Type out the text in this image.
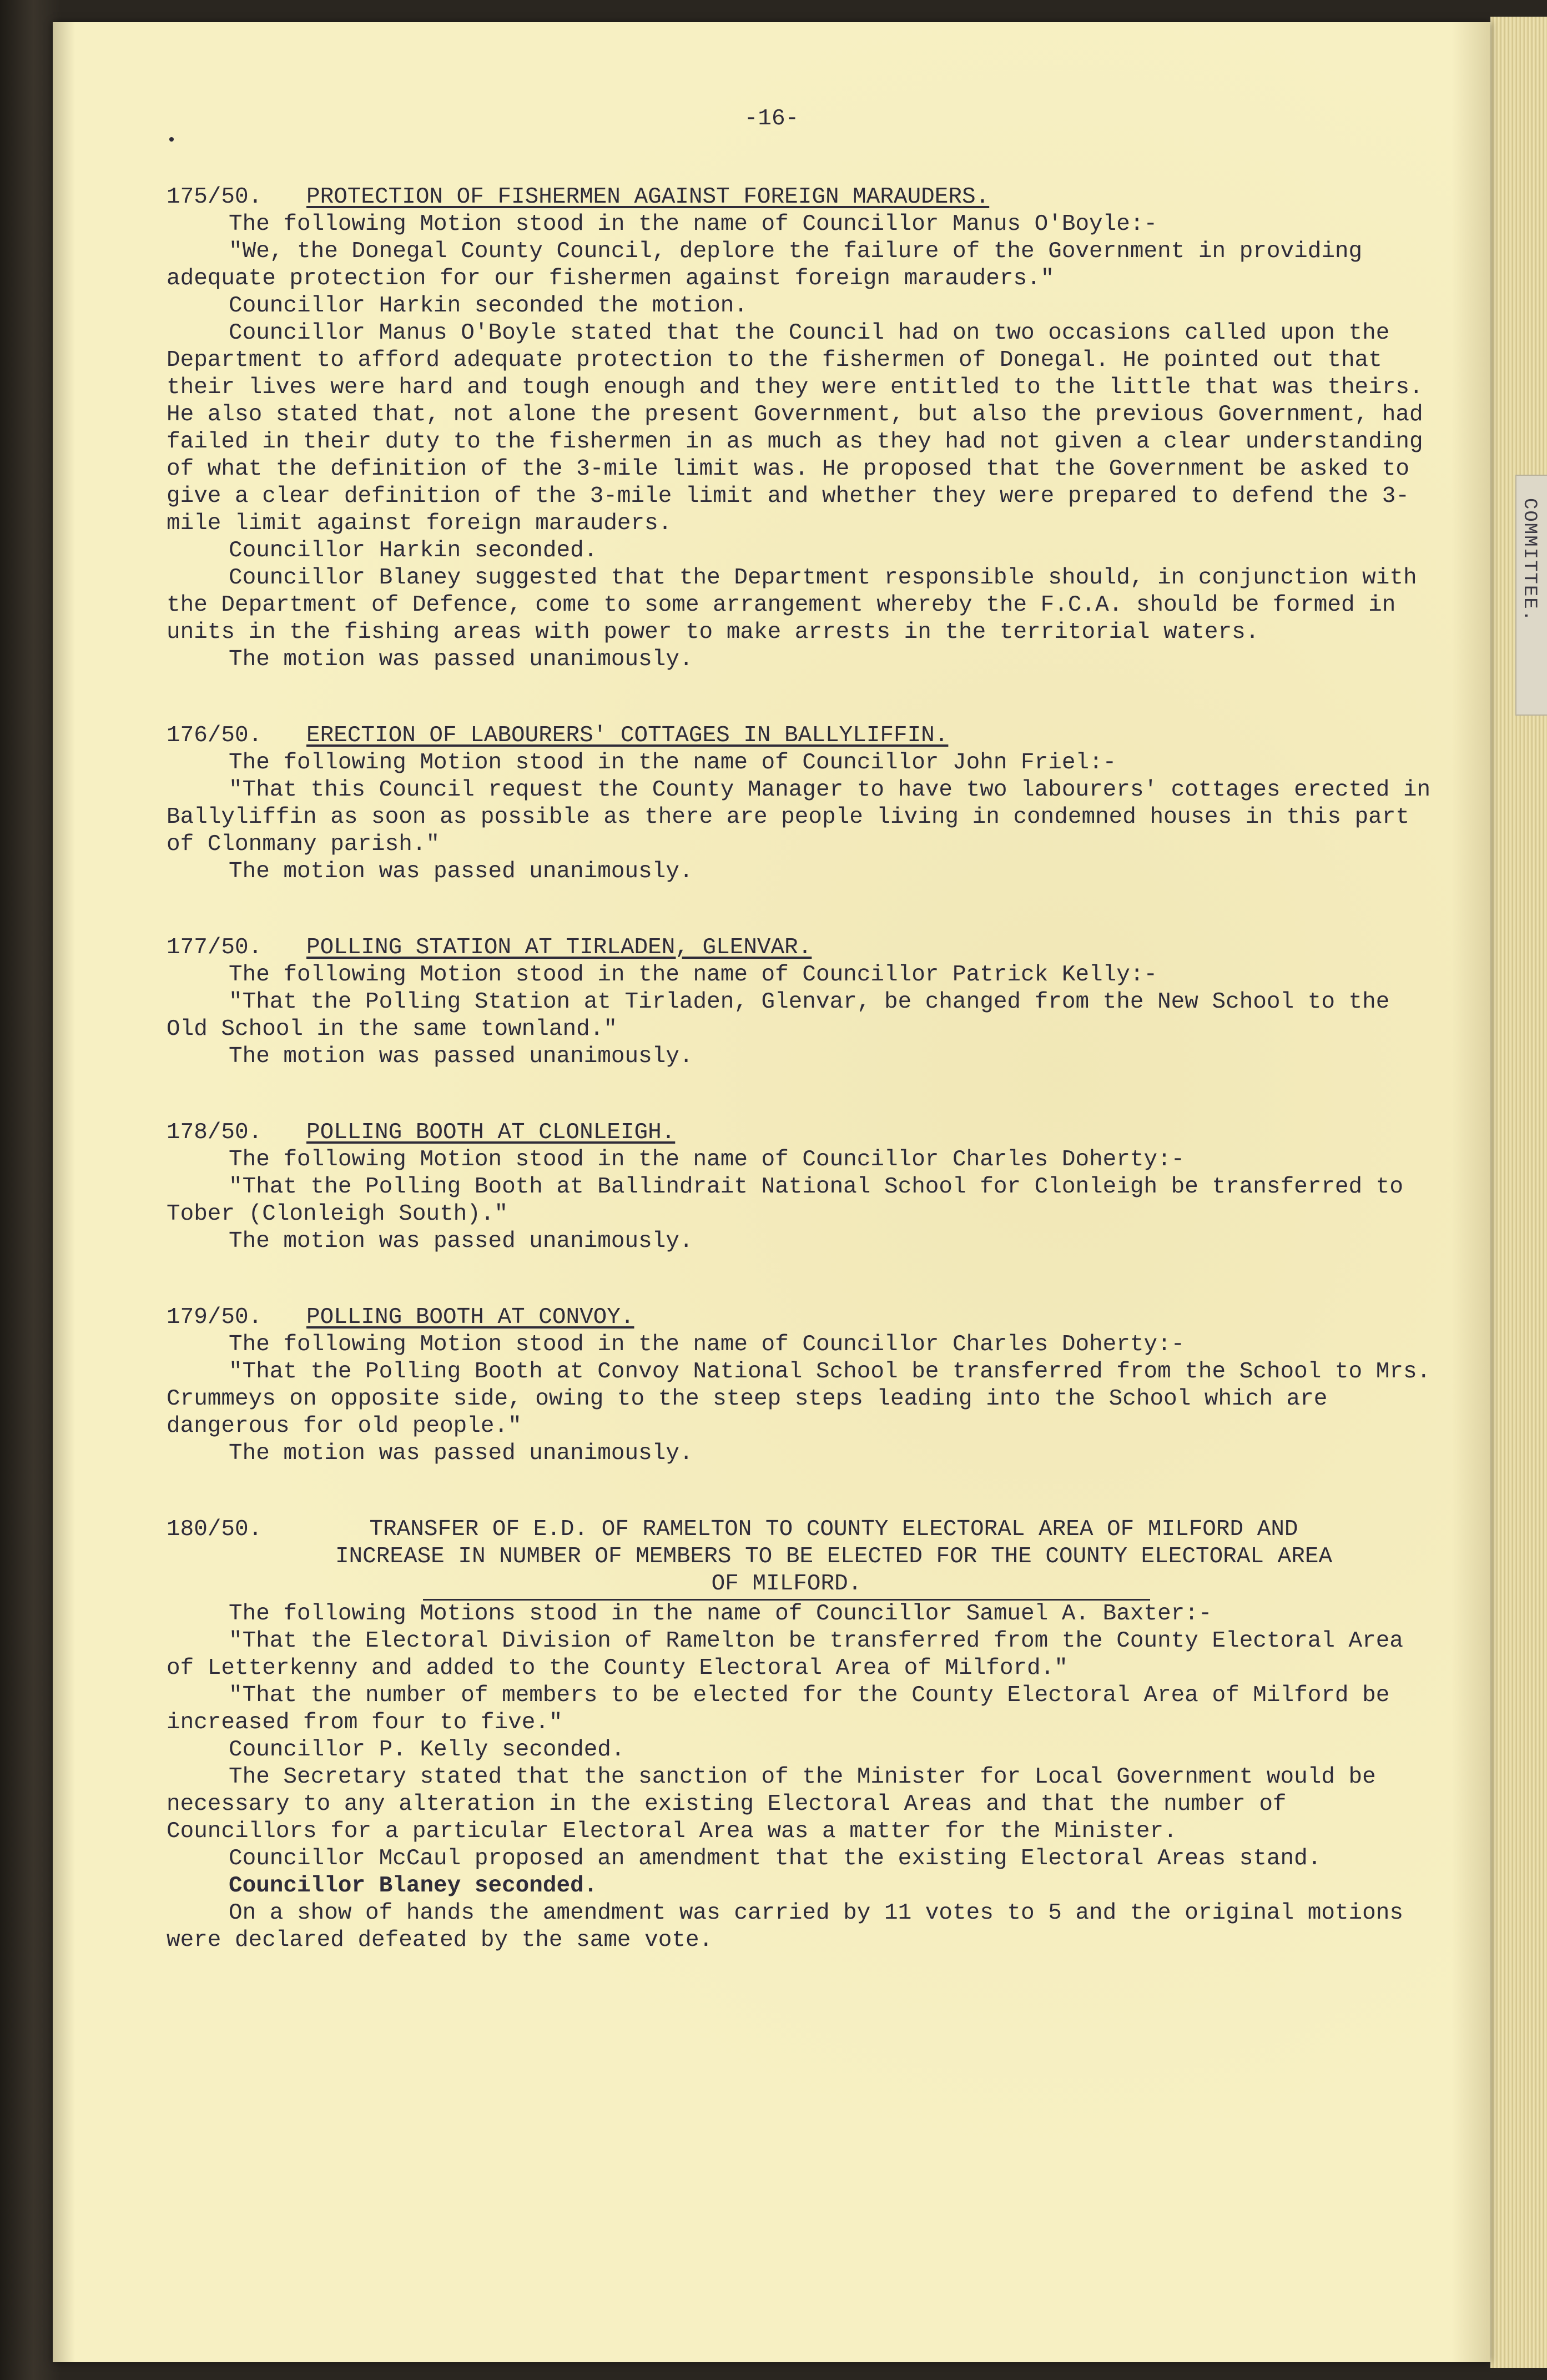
COMMITTEE.
•
-16-
175/50.	PROTECTION OF FISHERMEN AGAINST FOREIGN MARAUDERS.

The following Motion stood in the name of Councillor Manus O'Boyle:-

"We, the Donegal County Council, deplore the failure of the Government in providing adequate protection for our fishermen against foreign marauders."

Councillor Harkin seconded the motion.

Councillor Manus O'Boyle stated that the Council had on two occasions called upon the Department to afford adequate protection to the fishermen of Donegal. He pointed out that their lives were hard and tough enough and they were entitled to the little that was theirs. He also stated that, not alone the present Government, but also the previous Government, had failed in their duty to the fishermen in as much as they had not given a clear understanding of what the definition of the 3-mile limit was. He proposed that the Government be asked to give a clear definition of the 3-mile limit and whether they were prepared to defend the 3-mile limit against foreign marauders.

Councillor Harkin seconded.

Councillor Blaney suggested that the Department responsible should, in conjunction with the Department of Defence, come to some arrangement whereby the F.C.A. should be formed in units in the fishing areas with power to make arrests in the territorial waters.

The motion was passed unanimously.

176/50.	ERECTION OF LABOURERS' COTTAGES IN BALLYLIFFIN.

The following Motion stood in the name of Councillor John Friel:-

"That this Council request the County Manager to have two labourers' cottages erected in Ballyliffin as soon as possible as there are people living in condemned houses in this part of Clonmany parish."

The motion was passed unanimously.

177/50.	POLLING STATION AT TIRLADEN, GLENVAR.

The following Motion stood in the name of Councillor Patrick Kelly:-

"That the Polling Station at Tirladen, Glenvar, be changed from the New School to the Old School in the same townland."

The motion was passed unanimously.

178/50.	POLLING BOOTH AT CLONLEIGH.

The following Motion stood in the name of Councillor Charles Doherty:-

"That the Polling Booth at Ballindrait National School for Clonleigh be transferred to Tober (Clonleigh South)."

The motion was passed unanimously.

179/50.	POLLING BOOTH AT CONVOY.

The following Motion stood in the name of Councillor Charles Doherty:-

"That the Polling Booth at Convoy National School be transferred from the School to Mrs. Crummeys on opposite side, owing to the steep steps leading into the School which are dangerous for old people."

The motion was passed unanimously.

180/50.	TRANSFER OF E.D. OF RAMELTON TO COUNTY ELECTORAL AREA OF MILFORD AND
INCREASE IN NUMBER OF MEMBERS TO BE ELECTED FOR THE COUNTY ELECTORAL AREA
OF MILFORD.

The following Motions stood in the name of Councillor Samuel A. Baxter:-

"That the Electoral Division of Ramelton be transferred from the County Electoral Area of Letterkenny and added to the County Electoral Area of Milford."

"That the number of members to be elected for the County Electoral Area of Milford be increased from four to five."

Councillor P. Kelly seconded.

The Secretary stated that the sanction of the Minister for Local Government would be necessary to any alteration in the existing Electoral Areas and that the number of Councillors for a particular Electoral Area was a matter for the Minister.

Councillor McCaul proposed an amendment that the existing Electoral Areas stand.

Councillor Blaney seconded.

On a show of hands the amendment was carried by 11 votes to 5 and the original motions were declared defeated by the same vote.
